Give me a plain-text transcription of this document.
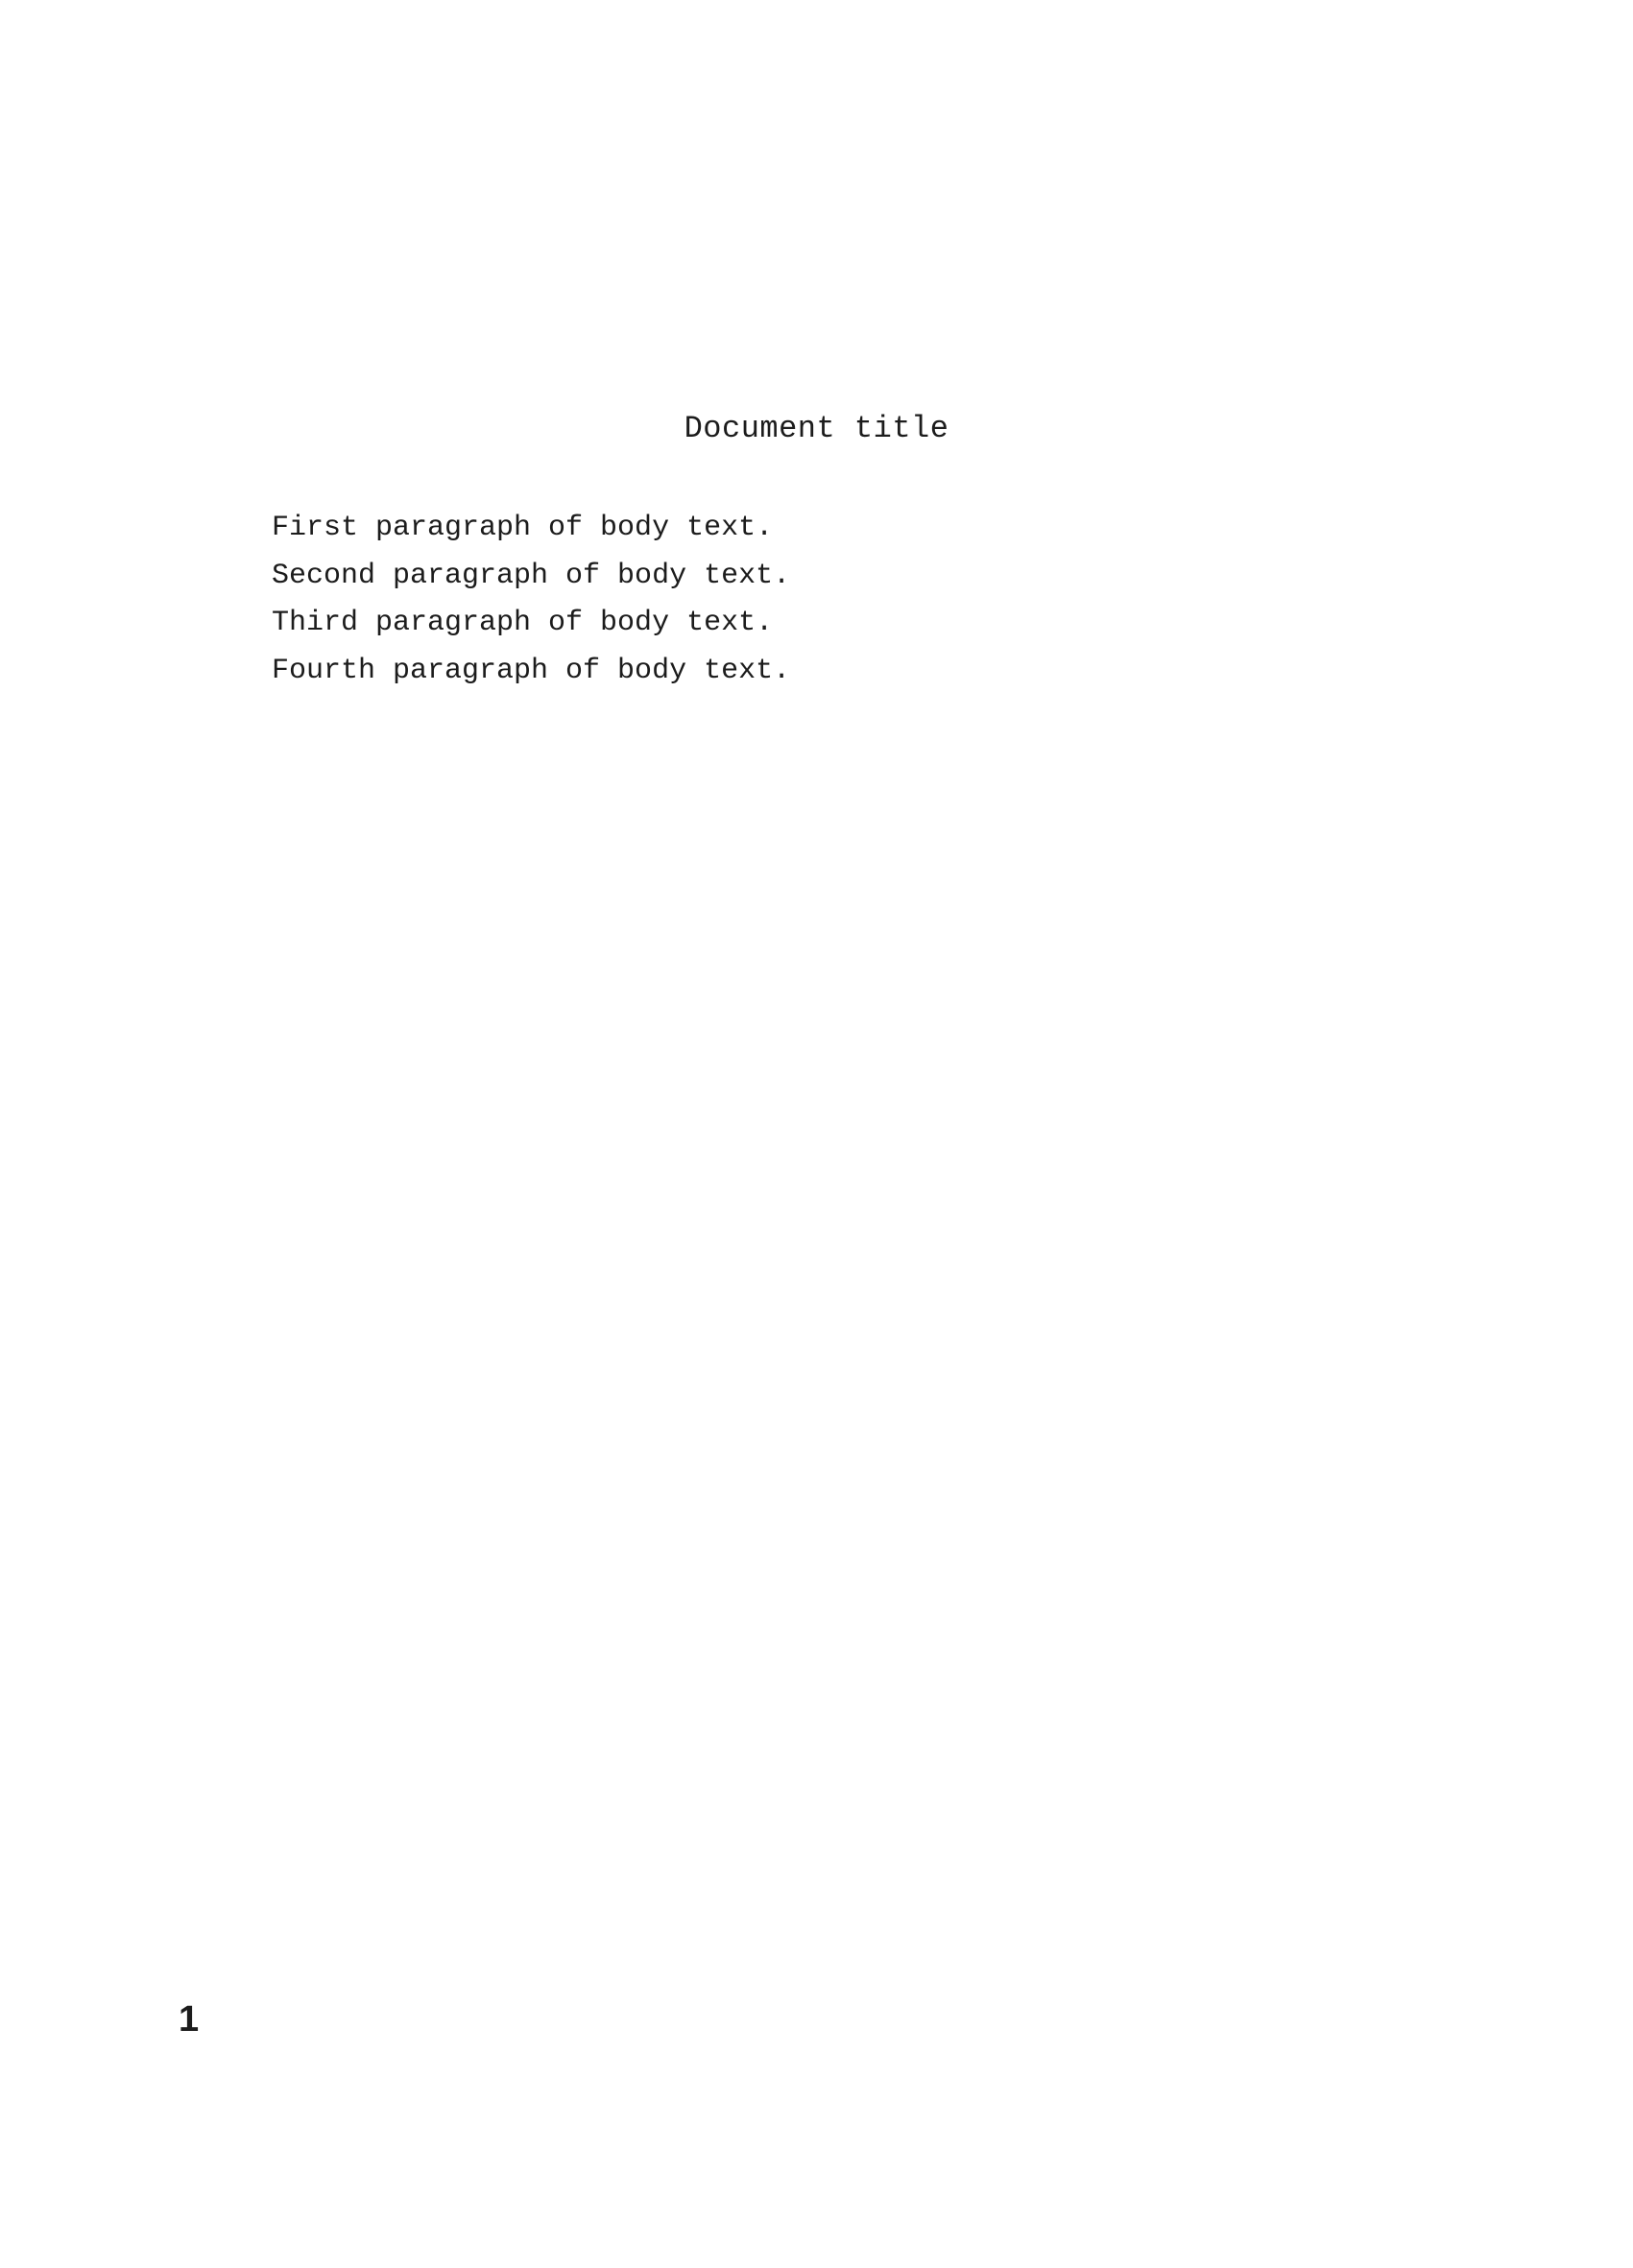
Document title

First paragraph of body text.

Second paragraph of body text.

Third paragraph of body text.

Fourth paragraph of body text.

1
